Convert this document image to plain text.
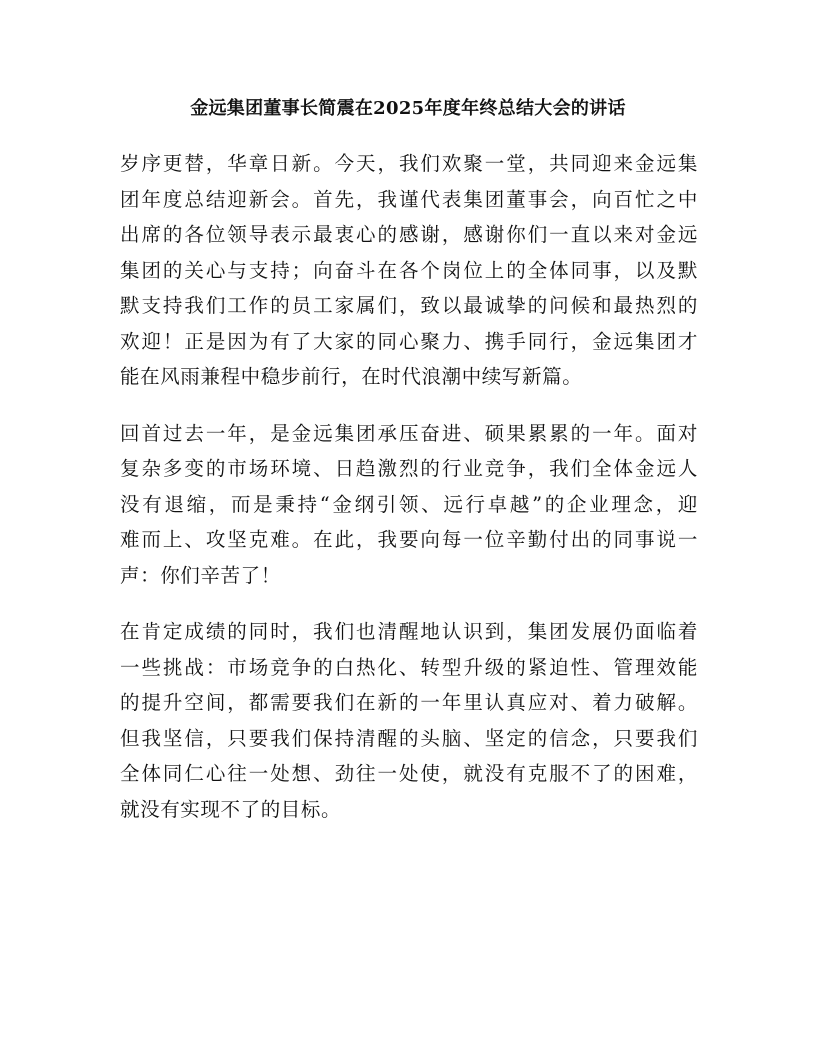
金远集团董事长简震在2025年度年终总结大会的讲话

岁序更替，华章日新。今天，我们欢聚一堂，共同迎来金远集
团年度总结迎新会。首先，我谨代表集团董事会，向百忙之中
出席的各位领导表示最衷心的感谢，感谢你们一直以来对金远
集团的关心与支持；向奋斗在各个岗位上的全体同事，以及默
默支持我们工作的员工家属们，致以最诚挚的问候和最热烈的
欢迎！正是因为有了大家的同心聚力、携手同行，金远集团才
能在风雨兼程中稳步前行，在时代浪潮中续写新篇。

回首过去一年，是金远集团承压奋进、硕果累累的一年。面对
复杂多变的市场环境、日趋激烈的行业竞争，我们全体金远人
没有退缩，而是秉持“金纲引领、远行卓越”的企业理念，迎
难而上、攻坚克难。在此，我要向每一位辛勤付出的同事说一
声：你们辛苦了！

在肯定成绩的同时，我们也清醒地认识到，集团发展仍面临着
一些挑战：市场竞争的白热化、转型升级的紧迫性、管理效能
的提升空间，都需要我们在新的一年里认真应对、着力破解。
但我坚信，只要我们保持清醒的头脑、坚定的信念，只要我们
全体同仁心往一处想、劲往一处使，就没有克服不了的困难，
就没有实现不了的目标。
